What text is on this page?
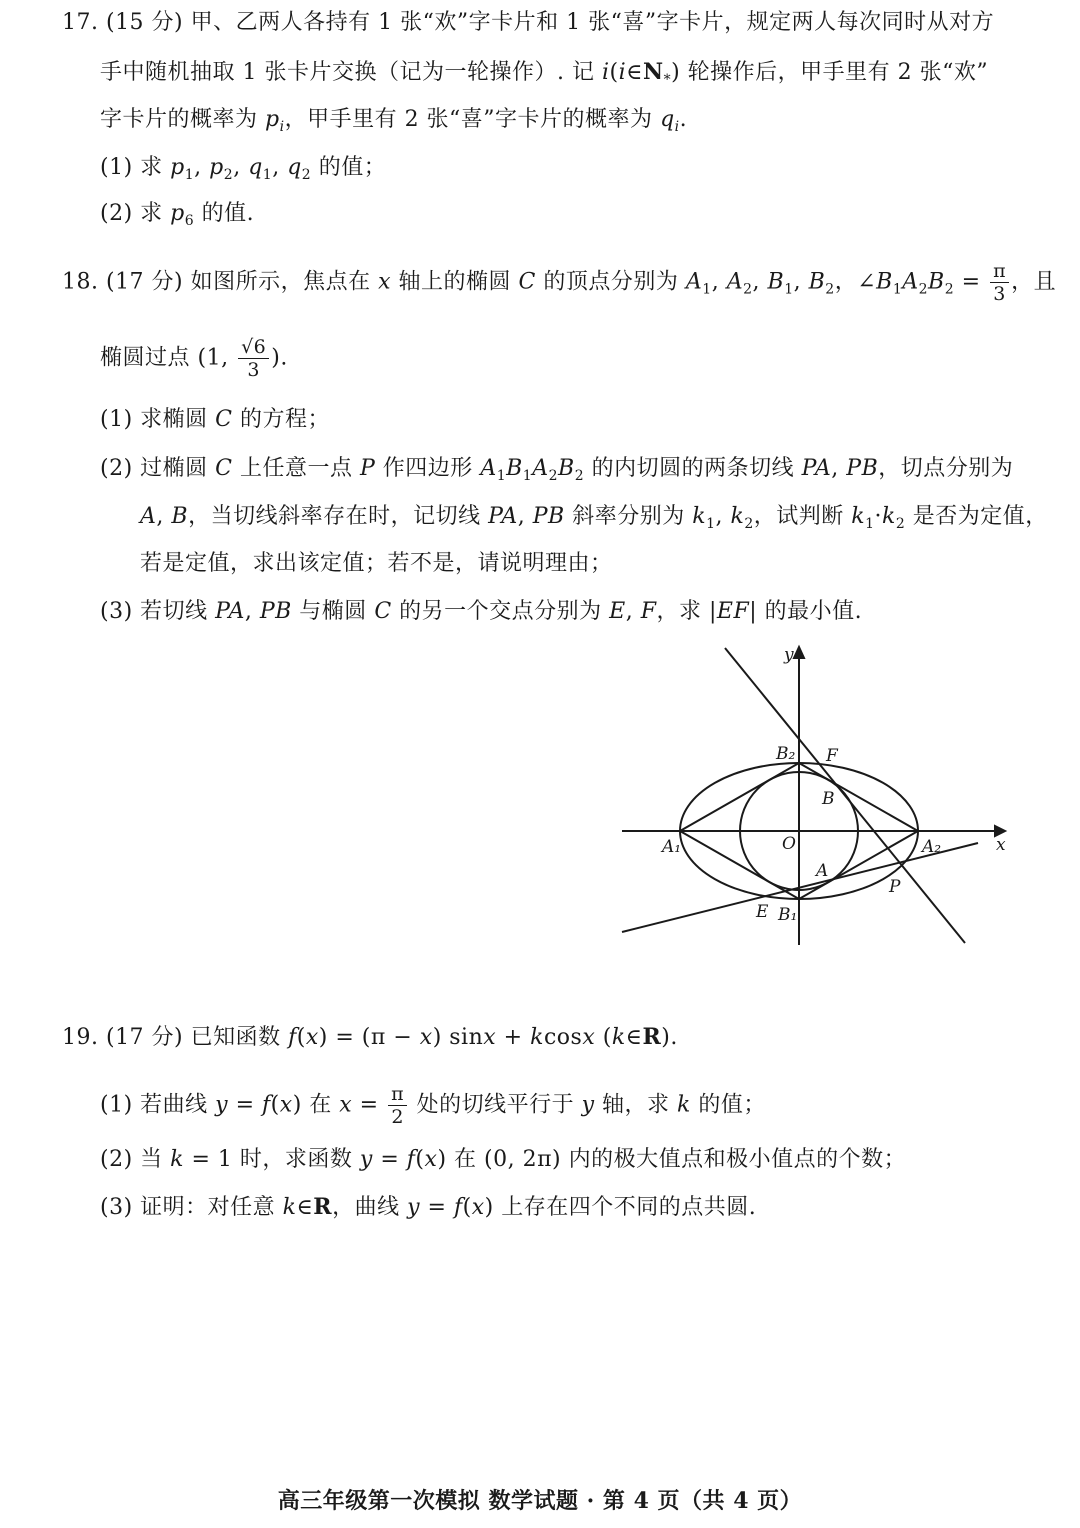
17. (15 分) 甲、乙两人各持有 1 张“欢”字卡片和 1 张“喜”字卡片，规定两人每次同时从对方
手中随机抽取 1 张卡片交换（记为一轮操作）. 记 $i(i\in N_*)$ 轮操作后，甲手里有 2 张“欢”
字卡片的概率为 $p_i$，甲手里有 2 张“喜”字卡片的概率为 $q_i$.
(1) 求 $p_1$, $p_2$, $q_1$, $q_2$ 的值；
(2) 求 $p_6$ 的值.
18. (17 分) 如图所示，焦点在 x 轴上的椭圆 C 的顶点分别为 $A_1$, $A_2$, $B_1$, $B_2$，$\angle B_1A_2B_2 = \frac{\pi}{3}$ ，且
椭圆过点 (1, $\frac{√6}{3}$ ).
(1) 求椭圆 C 的方程；
(2) 过椭圆 C 上任意一点 P 作四边形 $A_1B_1A_2B_2$ 的内切圆的两条切线 PA, PB，切点分别为
A, B，当切线斜率存在时，记切线 PA, PB 斜率分别为 $k_1$, $k_2$，试判断 $k_1\cdot k_2$ 是否为定值，
若是定值，求出该定值；若不是，请说明理由；
(3) 若切线 PA, PB 与椭圆 C 的另一个交点分别为 E, F，求 |EF| 的最小值.
y
x
O
A₁	A₂
B₂
B₁
F
B
A
E
P
19. (17 分) 已知函数 f(x) = (π − x) sinx + kcosx (k∈R).
(1) 若曲线 y = f(x) 在 $x = \frac{\pi}{2}$ 处的切线平行于 y 轴，求 k 的值；
(2) 当 k = 1 时，求函数 y = f(x) 在 (0, 2π) 内的极大值点和极小值点的个数；
(3) 证明：对任意 k∈R，曲线 y = f(x) 上存在四个不同的点共圆.
高三年级第一次模拟 数学试题 · 第 4 页（共 4 页）
